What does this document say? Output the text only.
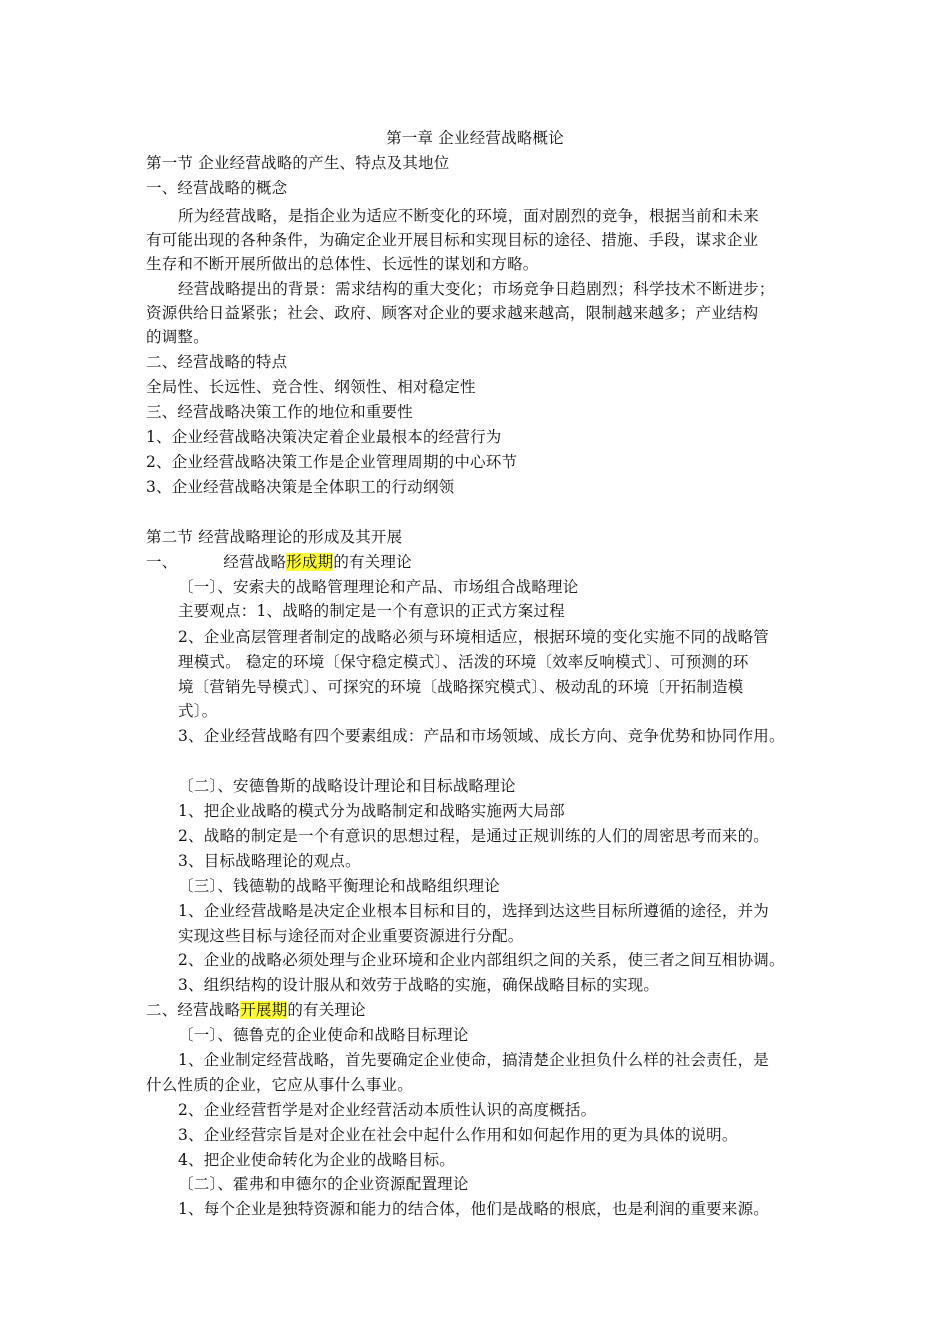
第一章 企业经营战略概论
第一节 企业经营战略的产生、特点及其地位
一、经营战略的概念
所为经营战略，是指企业为适应不断变化的环境，面对剧烈的竞争，根据当前和未来
有可能出现的各种条件，为确定企业开展目标和实现目标的途径、措施、手段，谋求企业
生存和不断开展所做出的总体性、长远性的谋划和方略。
经营战略提出的背景：需求结构的重大变化；市场竞争日趋剧烈；科学技术不断进步；
资源供给日益紧张；社会、政府、顾客对企业的要求越来越高，限制越来越多；产业结构
的调整。
二、经营战略的特点
全局性、长远性、竞合性、纲领性、相对稳定性
三、经营战略决策工作的地位和重要性
1、企业经营战略决策决定着企业最根本的经营行为
2、企业经营战略决策工作是企业管理周期的中心环节
3、企业经营战略决策是全体职工的行动纲领
第二节 经营战略理论的形成及其开展
一、	经营战略形成期的有关理论
〔一〕、安索夫的战略管理理论和产品、市场组合战略理论
主要观点：1、战略的制定是一个有意识的正式方案过程
2、企业高层管理者制定的战略必须与环境相适应，根据环境的变化实施不同的战略管
理模式。 稳定的环境〔保守稳定模式〕、活泼的环境〔效率反响模式〕、可预测的环
境〔营销先导模式〕、可探究的环境〔战略探究模式〕、极动乱的环境〔开拓制造模
式〕。
3、企业经营战略有四个要素组成：产品和市场领域、成长方向、竞争优势和协同作用。
〔二〕、安德鲁斯的战略设计理论和目标战略理论
1、把企业战略的模式分为战略制定和战略实施两大局部
2、战略的制定是一个有意识的思想过程，是通过正规训练的人们的周密思考而来的。
3、目标战略理论的观点。
〔三〕、钱德勒的战略平衡理论和战略组织理论
1、企业经营战略是决定企业根本目标和目的，选择到达这些目标所遵循的途径，并为
实现这些目标与途径而对企业重要资源进行分配。
2、企业的战略必须处理与企业环境和企业内部组织之间的关系，使三者之间互相协调。
3、组织结构的设计服从和效劳于战略的实施，确保战略目标的实现。
二、经营战略开展期的有关理论
〔一〕、德鲁克的企业使命和战略目标理论
1、企业制定经营战略，首先要确定企业使命，搞清楚企业担负什么样的社会责任，是
什么性质的企业，它应从事什么事业。
2、企业经营哲学是对企业经营活动本质性认识的高度概括。
3、企业经营宗旨是对企业在社会中起什么作用和如何起作用的更为具体的说明。
4、把企业使命转化为企业的战略目标。
〔二〕、霍弗和申德尔的企业资源配置理论
1、每个企业是独特资源和能力的结合体，他们是战略的根底，也是利润的重要来源。
